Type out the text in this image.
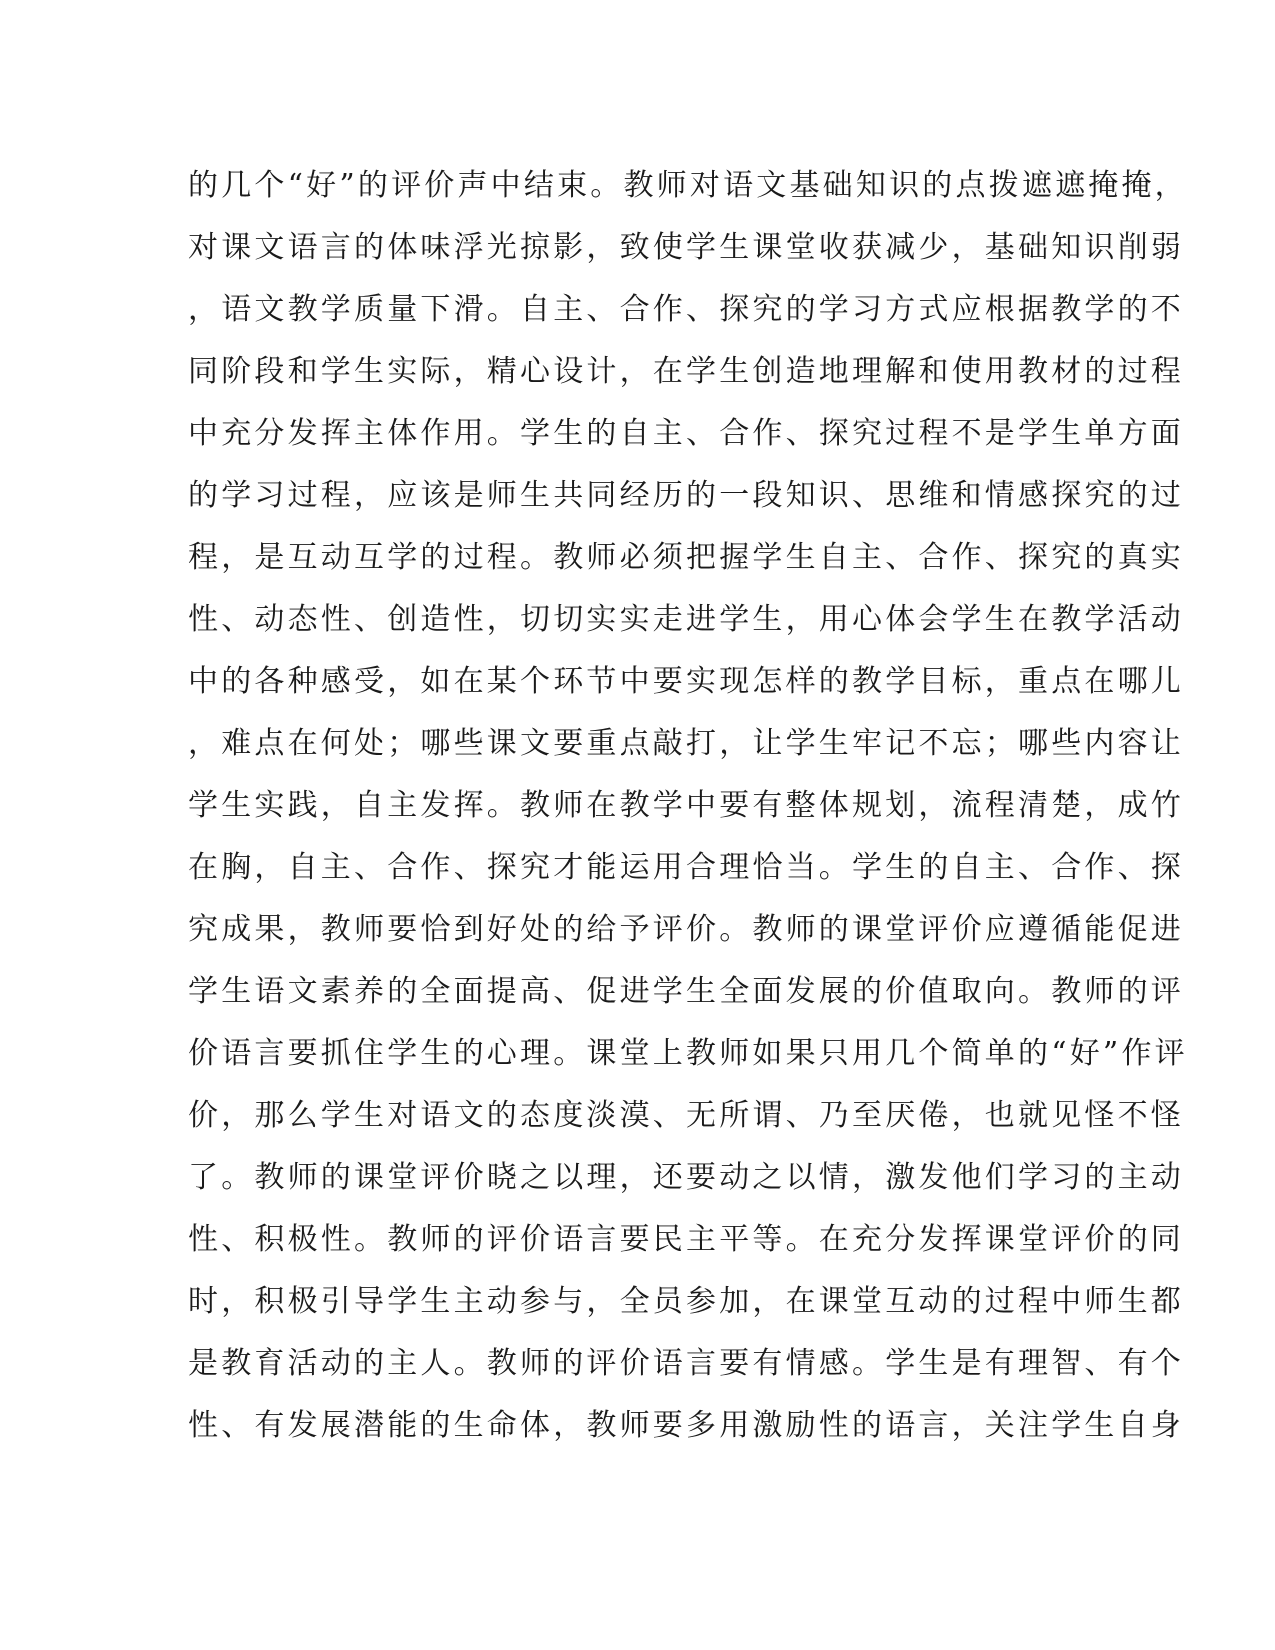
的几个“好”的评价声中结束。教师对语文基础知识的点拨遮遮掩掩，
对课文语言的体味浮光掠影，致使学生课堂收获减少，基础知识削弱
，语文教学质量下滑。自主、合作、探究的学习方式应根据教学的不
同阶段和学生实际，精心设计，在学生创造地理解和使用教材的过程
中充分发挥主体作用。学生的自主、合作、探究过程不是学生单方面
的学习过程，应该是师生共同经历的一段知识、思维和情感探究的过
程，是互动互学的过程。教师必须把握学生自主、合作、探究的真实
性、动态性、创造性，切切实实走进学生，用心体会学生在教学活动
中的各种感受，如在某个环节中要实现怎样的教学目标，重点在哪儿
，难点在何处；哪些课文要重点敲打，让学生牢记不忘；哪些内容让
学生实践，自主发挥。教师在教学中要有整体规划，流程清楚，成竹
在胸，自主、合作、探究才能运用合理恰当。学生的自主、合作、探
究成果，教师要恰到好处的给予评价。教师的课堂评价应遵循能促进
学生语文素养的全面提高、促进学生全面发展的价值取向。教师的评
价语言要抓住学生的心理。课堂上教师如果只用几个简单的“好”作评
价，那么学生对语文的态度淡漠、无所谓、乃至厌倦，也就见怪不怪
了。教师的课堂评价晓之以理，还要动之以情，激发他们学习的主动
性、积极性。教师的评价语言要民主平等。在充分发挥课堂评价的同
时，积极引导学生主动参与，全员参加，在课堂互动的过程中师生都
是教育活动的主人。教师的评价语言要有情感。学生是有理智、有个
性、有发展潜能的生命体，教师要多用激励性的语言，关注学生自身
